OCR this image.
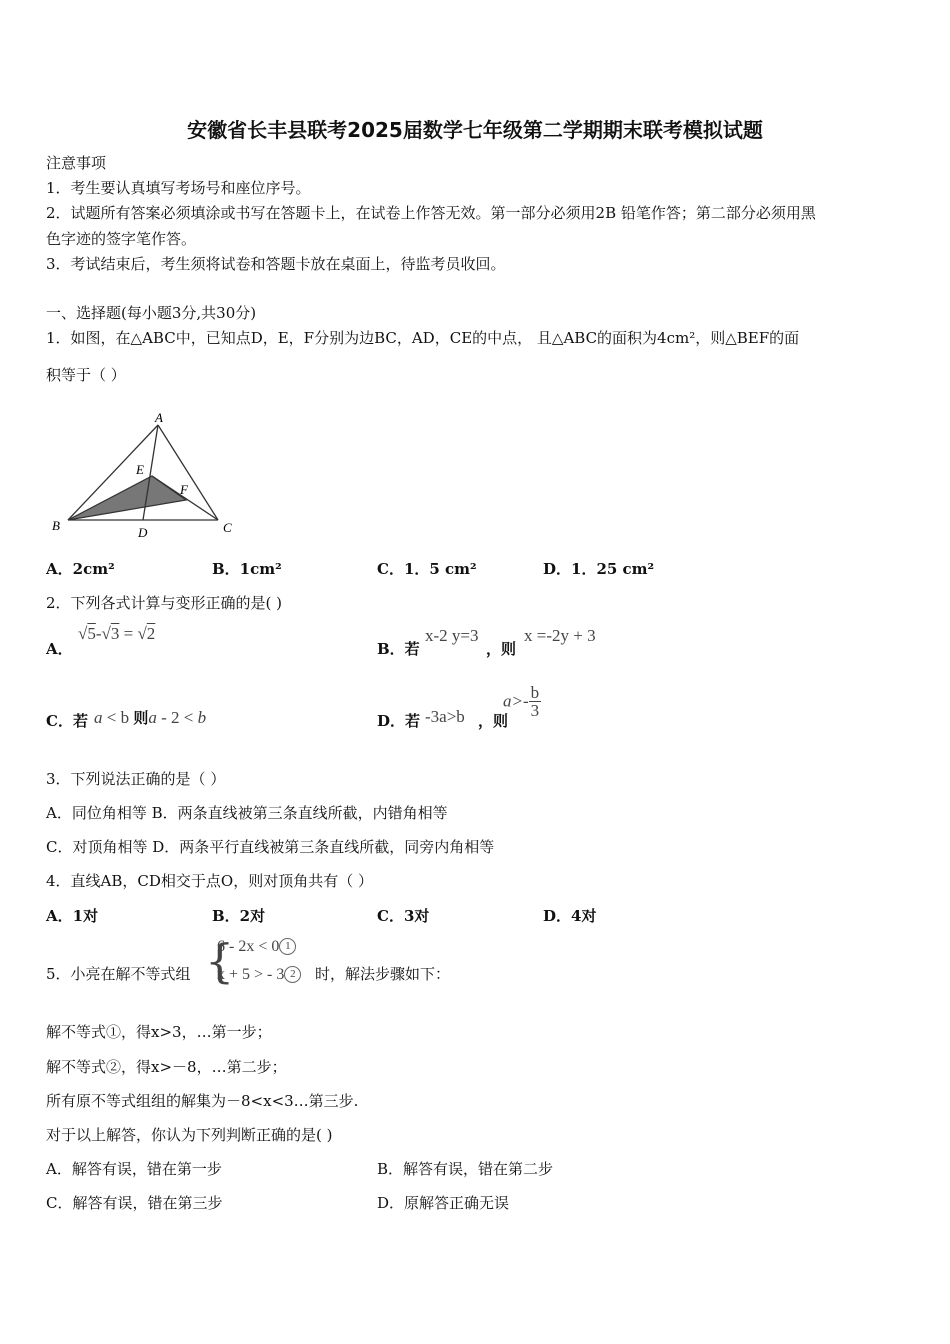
安徽省长丰县联考2025届数学七年级第二学期期末联考模拟试题
注意事项
1．考生要认真填写考场号和座位序号。
2．试题所有答案必须填涂或书写在答题卡上，在试卷上作答无效。第一部分必须用2B 铅笔作答；第二部分必须用黑
色字迹的签字笔作答。
3．考试结束后，考生须将试卷和答题卡放在桌面上，待监考员收回。
一、选择题(每小题3分,共30分)
1．如图，在△ABC中，已知点D，E，F分别为边BC，AD，CE的中点， 且△ABC的面积为4cm²，则△BEF的面
积等于（ ）
A
B	C
D
E
F
A．2cm²	B．1cm²	C．1．5 cm²	D．1．25 cm²
2．下列各式计算与变形正确的是( )
A．
√5-√3 = √2
B．若
x-2 y=3
，则
x =-2y + 3
C．若 a < b 则a - 2 < b	D．若 -3a>b ，则
$a>- \frac{b}{3}$
3．下列说法正确的是（ ）
A．同位角相等 B．两条直线被第三条直线所截，内错角相等
C．对顶角相等 D．两条平行直线被第三条直线所截，同旁内角相等
4．直线AB，CD相交于点O，则对顶角共有（ ）
A．1对	B．2对	C．3对	D．4对
5．小亮在解不等式组 {
6 - 2x < 0 1
x + 5 > - 3 2	时，解法步骤如下：
解不等式①，得x>3，…第一步；
解不等式②，得x>－8，…第二步；
所有原不等式组组的解集为－8<x<3…第三步.
对于以上解答，你认为下列判断正确的是( )
A．解答有误，错在第一步	B．解答有误，错在第二步
C．解答有误，错在第三步	D．原解答正确无误
